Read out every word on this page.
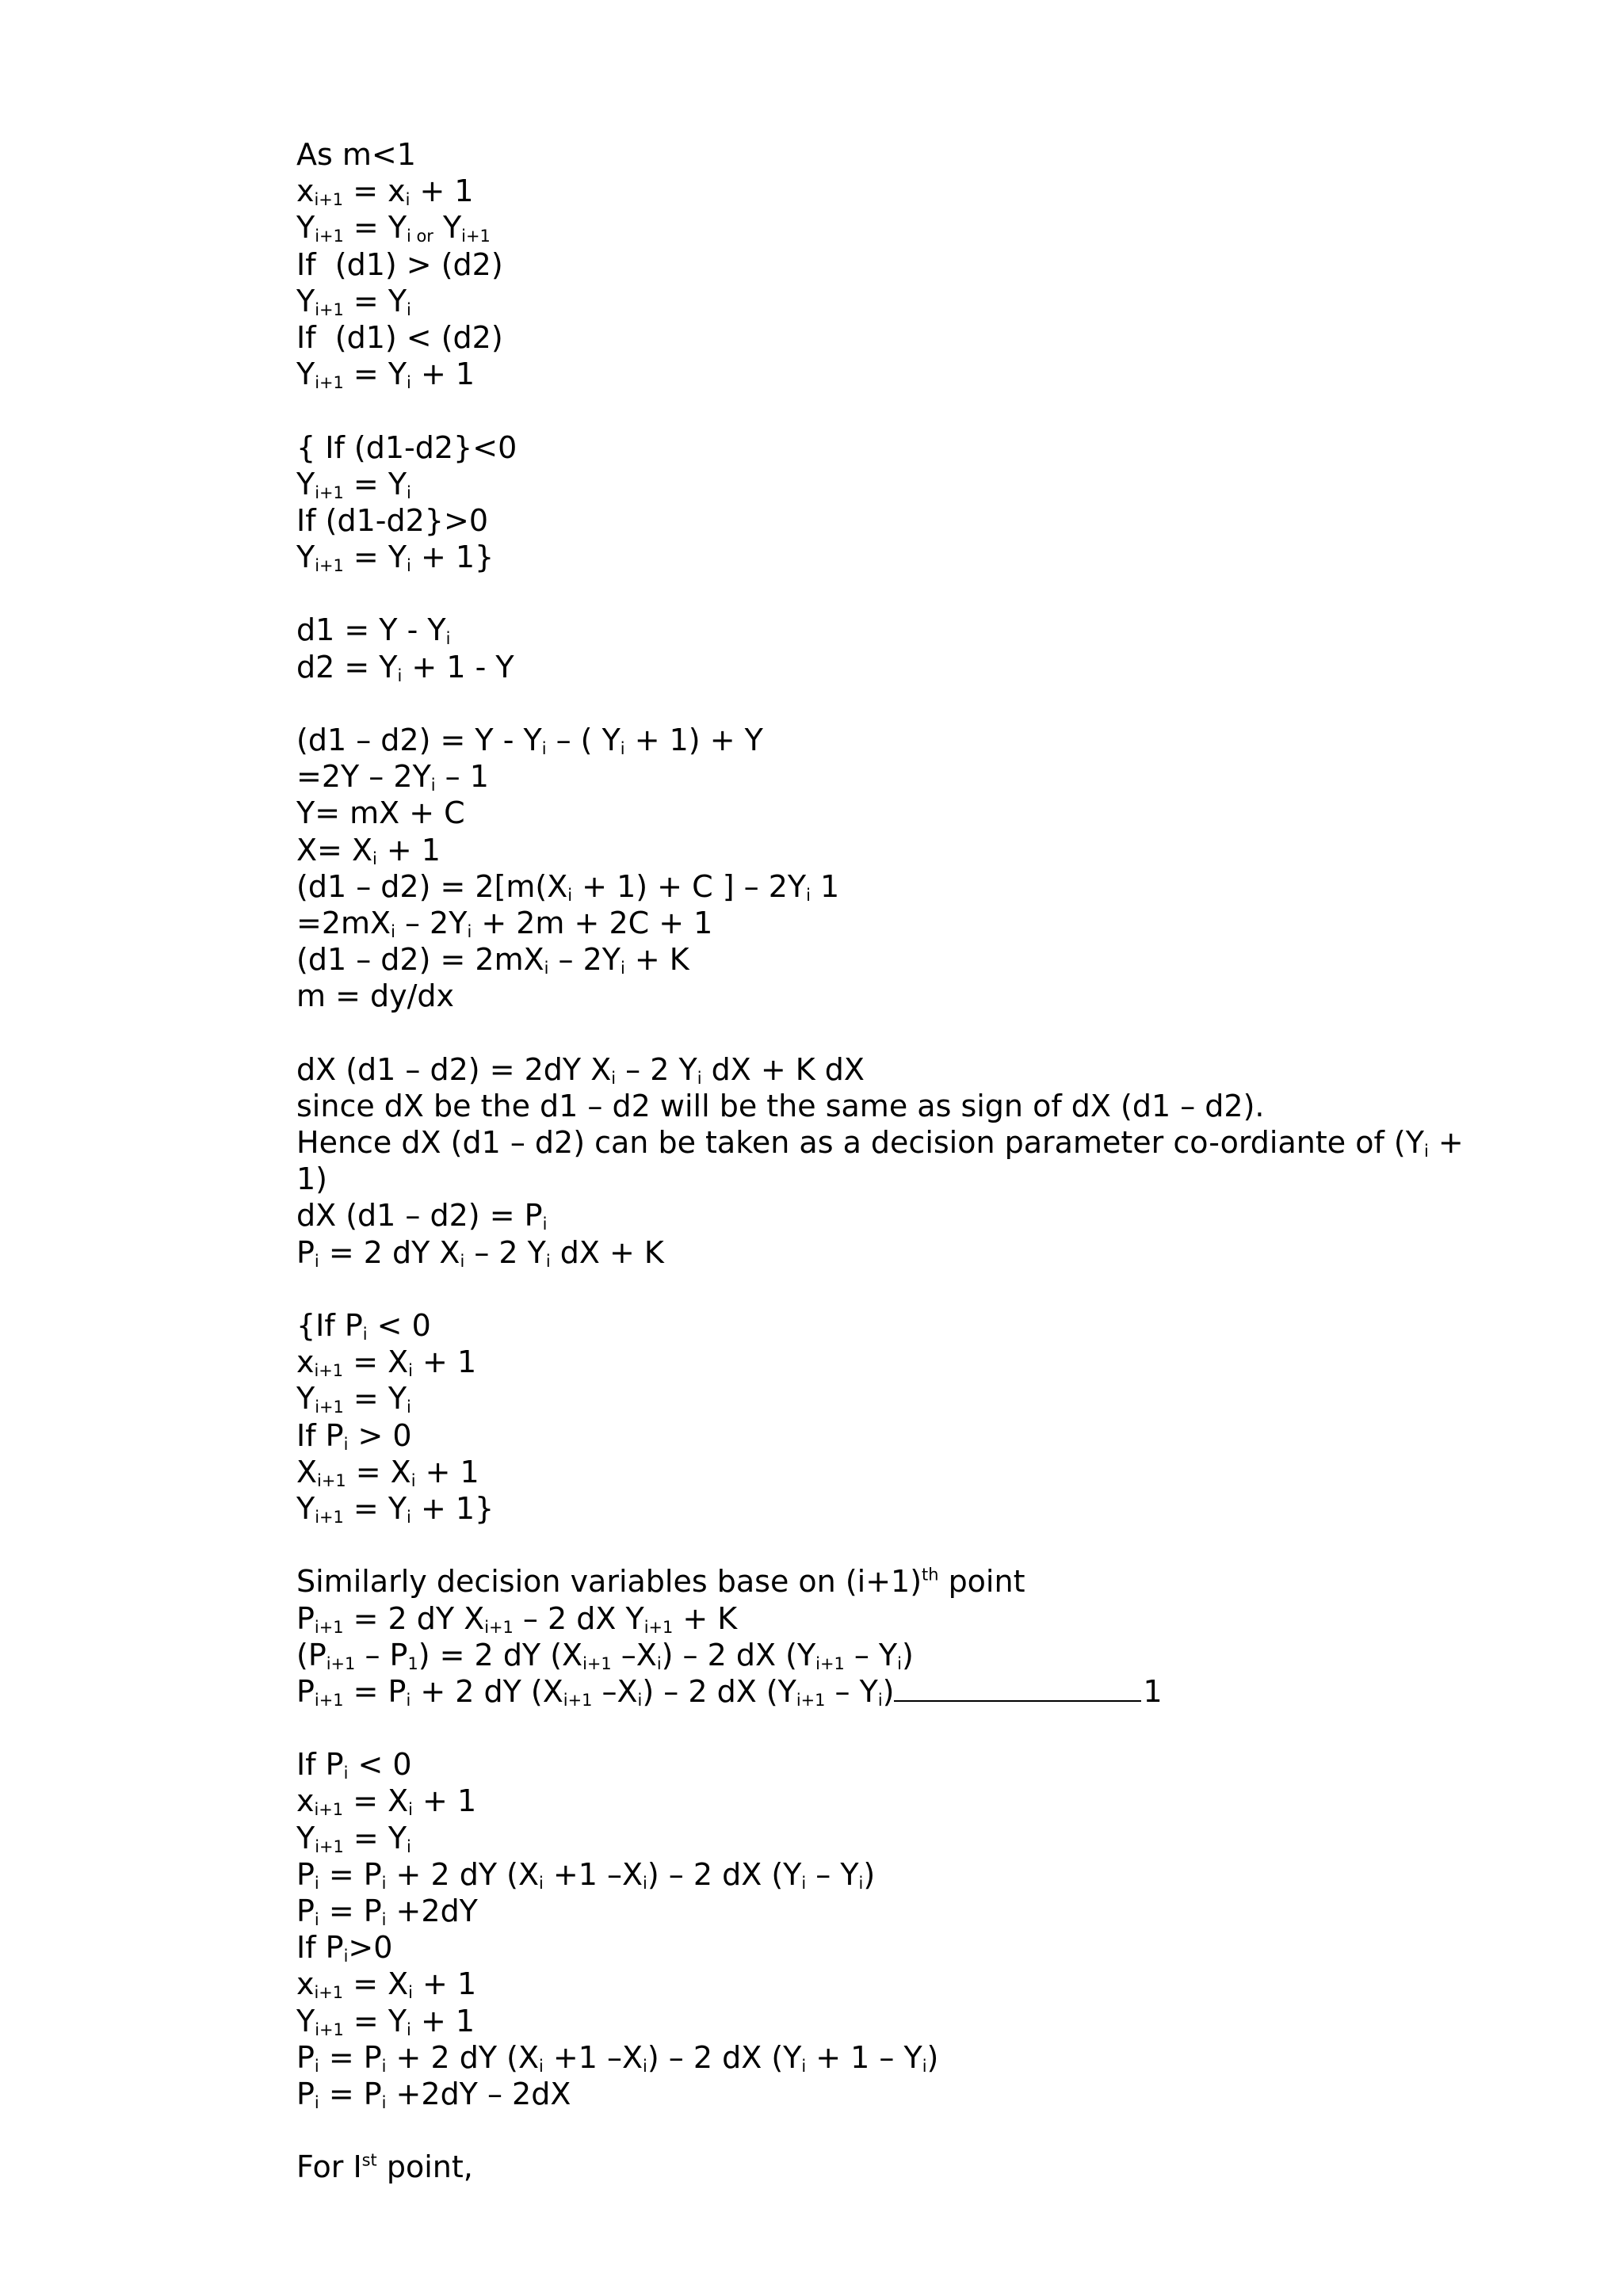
As m<1
$x_{i+1} = x_i + 1$
$Y_{i+1} = Y_{i or}$ $Y_{i+1}$
If  (d1) > (d2)
$Y_{i+1} = Y_i$
If  (d1) < (d2)
$Y_{i+1} = Y_i + 1$
{ If (d1-d2}<0
$Y_{i+1} = Y_i$
If (d1-d2}>0
$Y_{i+1} = Y_i + 1$}
$d1 = Y - Y_i$
$d2 = Y_i + 1 - Y$
$(d1 - d2) = Y - Y_i$ – ( $Y_i + 1) + Y$
$=2Y - 2Y_i - 1$
Y= mX + C
$X= X_i + 1$
$(d1 - d2) = 2[m(X_i + 1) + C$ ] – $2Y_i$ 1
$=2mX_i - 2Y_i + 2m + 2C + 1$
$(d1 - d2) = 2mX_i - 2Y_i + K$
m = dy/dx
dX (d1 – d2) = 2dY $X_i - 2$ $Y_i$ dX + K dX
since dX be the d1 – d2 will be the same as sign of dX (d1 – d2).
Hence dX (d1 – d2) can be taken as a decision parameter co-ordiante of ($Y_i$ +
1)
dX $(d1 - d2) = P_i$
$P_i = 2$ dY $X_i - 2$ $Y_i$ dX + K
{If $P_i < 0$
$x_{i+1} = X_i + 1$
$Y_{i+1} = Y_i$
If $P_i > 0$
$X_{i+1} = X_i + 1$
$Y_{i+1} = Y_i + 1$}
Similarly decision variables base on $(i+1)^{th}$ point
$P_{i+1} = 2$ dY $X_{i+1} - 2$ dX $Y_{i+1} + K$
$(P_{i+1} - P_1) = 2$ dY ($X_{i+1}$ $-X_i) - 2$ dX $(Y_{i+1} - Y_i)$
$P_{i+1} = P_i + 2$ dY ($X_{i+1}$ $-X_i) - 2$ dX $(Y_{i+1} - Y_i)$	1
If $P_i < 0$
$x_{i+1} = X_i + 1$
$Y_{i+1} = Y_i$
$P_i = P_i + 2$ dY ($X_i +1$ $-X_i) - 2$ dX $(Y_i - Y_i)$
$P_i = P_i +2dY$
If $P_i>0$
$x_{i+1} = X_i + 1$
$Y_{i+1} = Y_i + 1$
$P_i = P_i + 2$ dY ($X_i +1$ $-X_i) - 2$ dX $(Y_i + 1 - Y_i)$
$P_i = P_i +2dY - 2dX$
For Ist point,
